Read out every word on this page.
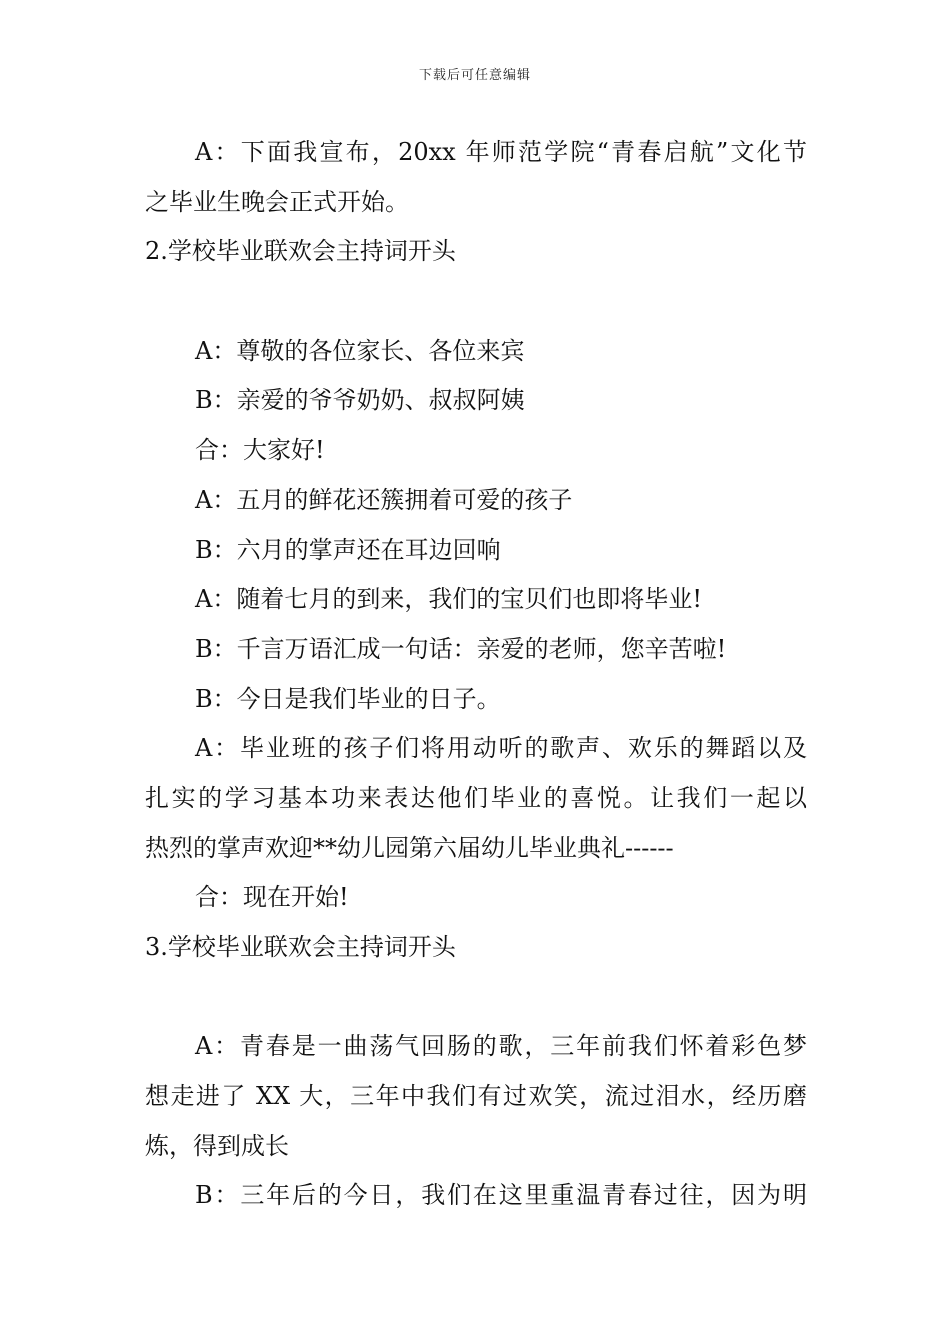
下载后可任意编辑
A：下面我宣布，20xx 年师范学院“青春启航”文化节
之毕业生晚会正式开始。
2.学校毕业联欢会主持词开头
A：尊敬的各位家长、各位来宾
B：亲爱的爷爷奶奶、叔叔阿姨
合：大家好!
A：五月的鲜花还簇拥着可爱的孩子
B：六月的掌声还在耳边回响
A：随着七月的到来，我们的宝贝们也即将毕业!
B：千言万语汇成一句话：亲爱的老师，您辛苦啦!
B：今日是我们毕业的日子。
A：毕业班的孩子们将用动听的歌声、欢乐的舞蹈以及
扎实的学习基本功来表达他们毕业的喜悦。让我们一起以
热烈的掌声欢迎**幼儿园第六届幼儿毕业典礼------
合：现在开始!
3.学校毕业联欢会主持词开头
A：青春是一曲荡气回肠的歌，三年前我们怀着彩色梦
想走进了 XX 大，三年中我们有过欢笑，流过泪水，经历磨
炼，得到成长
B：三年后的今日，我们在这里重温青春过往，因为明
